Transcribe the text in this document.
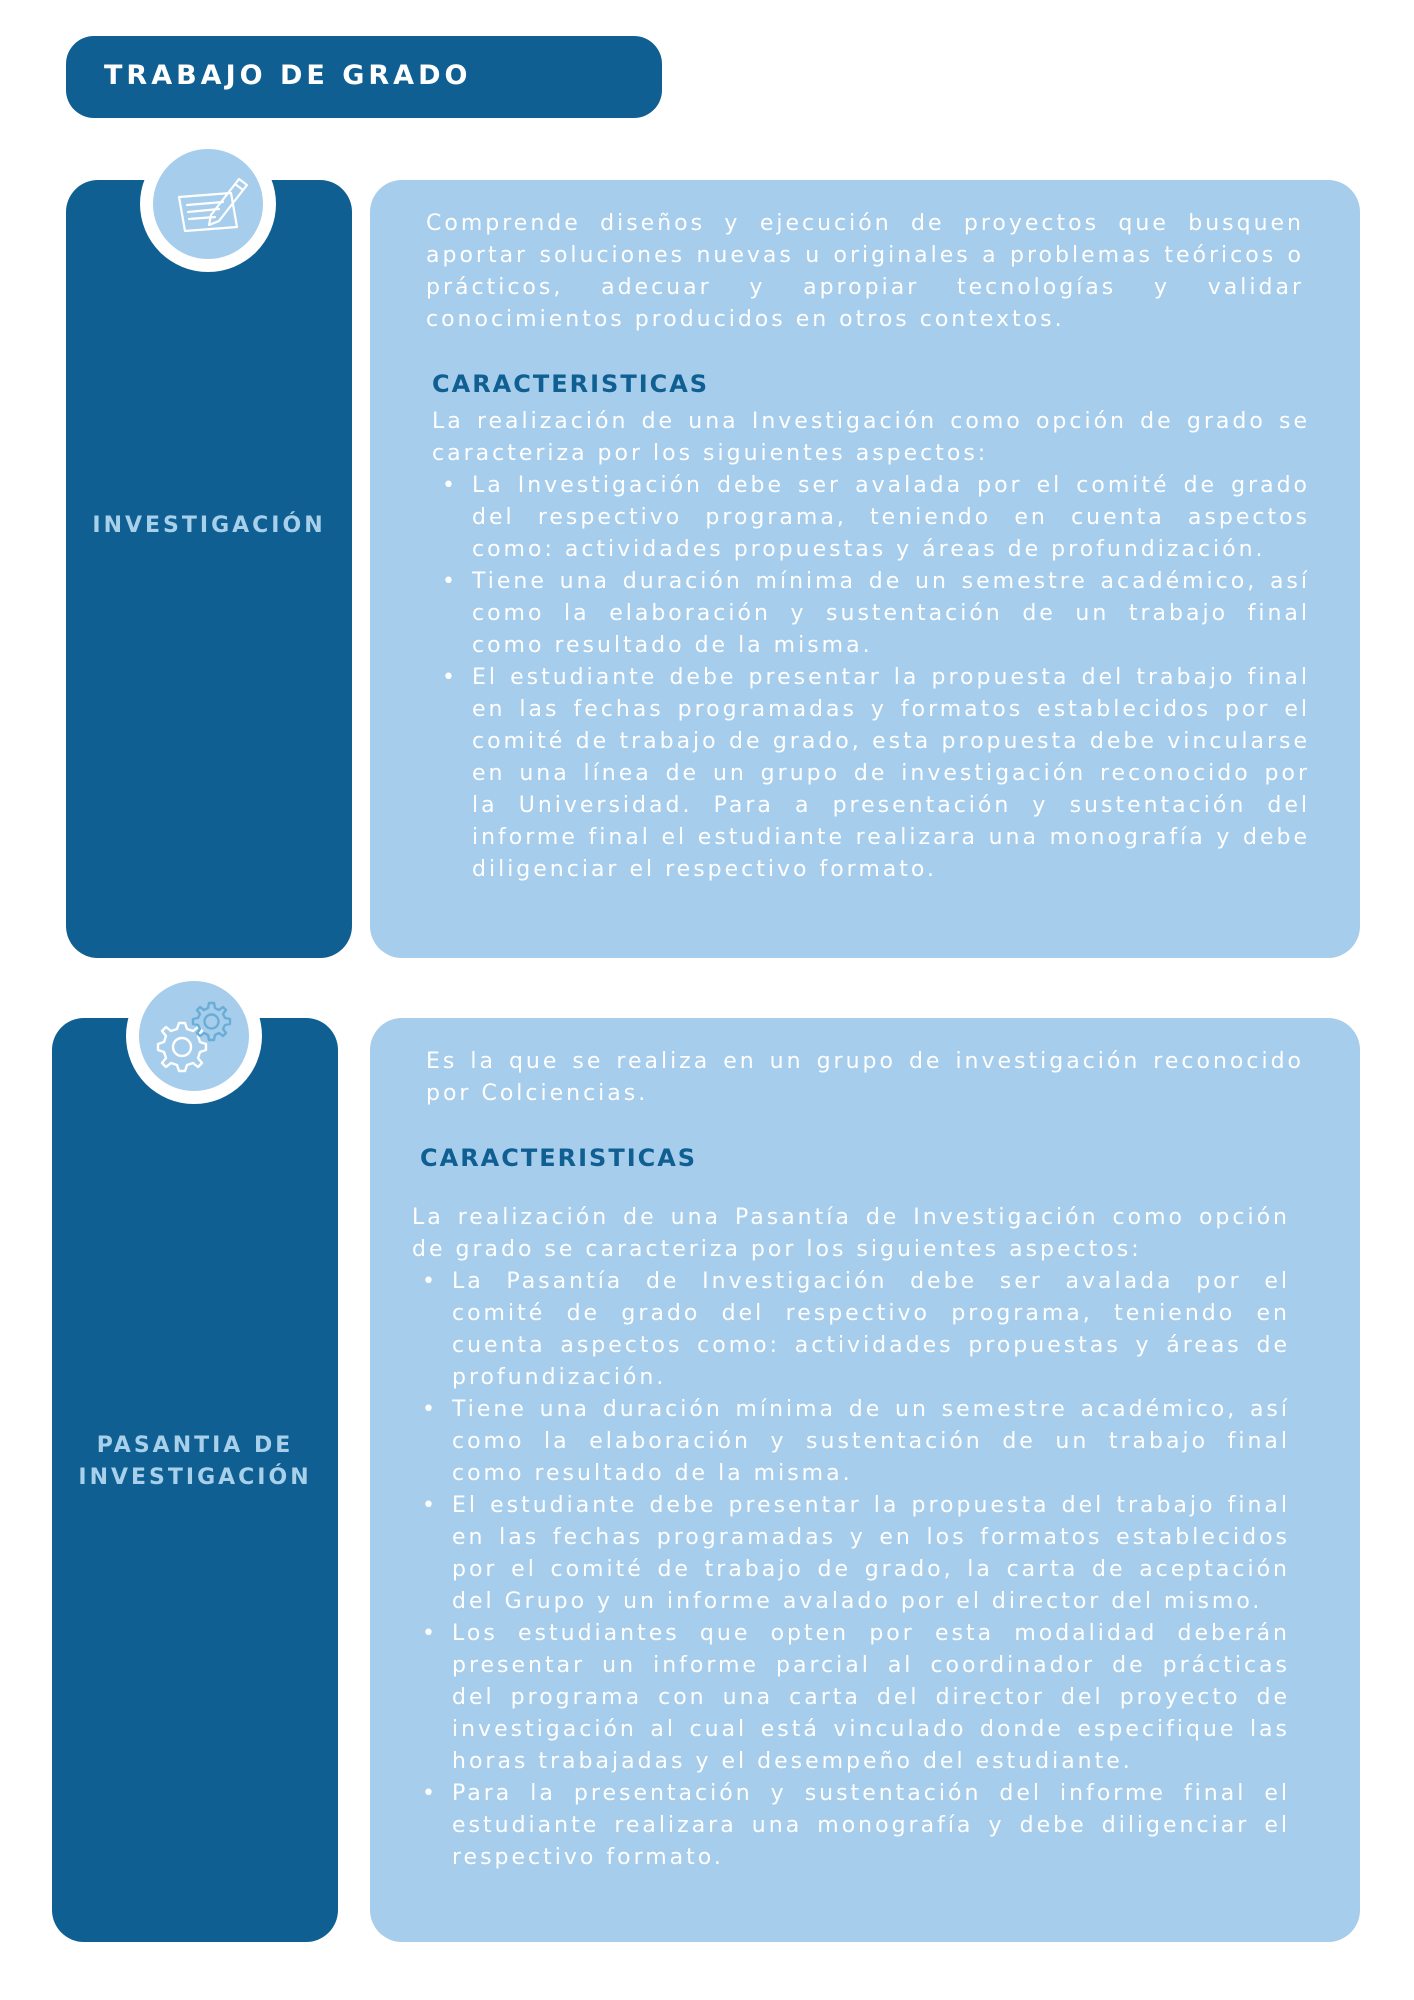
TRABAJO DE GRADO
INVESTIGACIÓN

Comprende diseños y ejecución de proyectos que busquen aportar soluciones nuevas u originales a problemas teóricos o prácticos, adecuar y apropiar tecnologías y validar conocimientos producidos en otros contextos.

CARACTERISTICAS

La realización de una Investigación como opción de grado se caracteriza por los siguientes aspectos:

• La Investigación debe ser avalada por el comité de grado del respectivo programa, teniendo en cuenta aspectos como: actividades propuestas y áreas de profundización.
• Tiene una duración mínima de un semestre académico, así como la elaboración y sustentación de un trabajo final como resultado de la misma.
• El estudiante debe presentar la propuesta del trabajo final en las fechas programadas y formatos establecidos por el comité de trabajo de grado, esta propuesta debe vincularse en una línea de un grupo de investigación reconocido por la Universidad. Para a presentación y sustentación del informe final el estudiante realizara una monografía y debe diligenciar el respectivo formato.
PASANTIA DE
INVESTIGACIÓN

Es la que se realiza en un grupo de investigación reconocido por Colciencias.

CARACTERISTICAS

La realización de una Pasantía de Investigación como opción de grado se caracteriza por los siguientes aspectos:

• La Pasantía de Investigación debe ser avalada por el comité de grado del respectivo programa, teniendo en cuenta aspectos como: actividades propuestas y áreas de profundización.
• Tiene una duración mínima de un semestre académico, así como la elaboración y sustentación de un trabajo final como resultado de la misma.
• El estudiante debe presentar la propuesta del trabajo final en las fechas programadas y en los formatos establecidos por el comité de trabajo de grado, la carta de aceptación del Grupo y un informe avalado por el director del mismo.
• Los estudiantes que opten por esta modalidad deberán presentar un informe parcial al coordinador de prácticas del programa con una carta del director del proyecto de investigación al cual está vinculado donde especifique las horas trabajadas y el desempeño del estudiante.
• Para la presentación y sustentación del informe final el estudiante realizara una monografía y debe diligenciar el respectivo formato.
